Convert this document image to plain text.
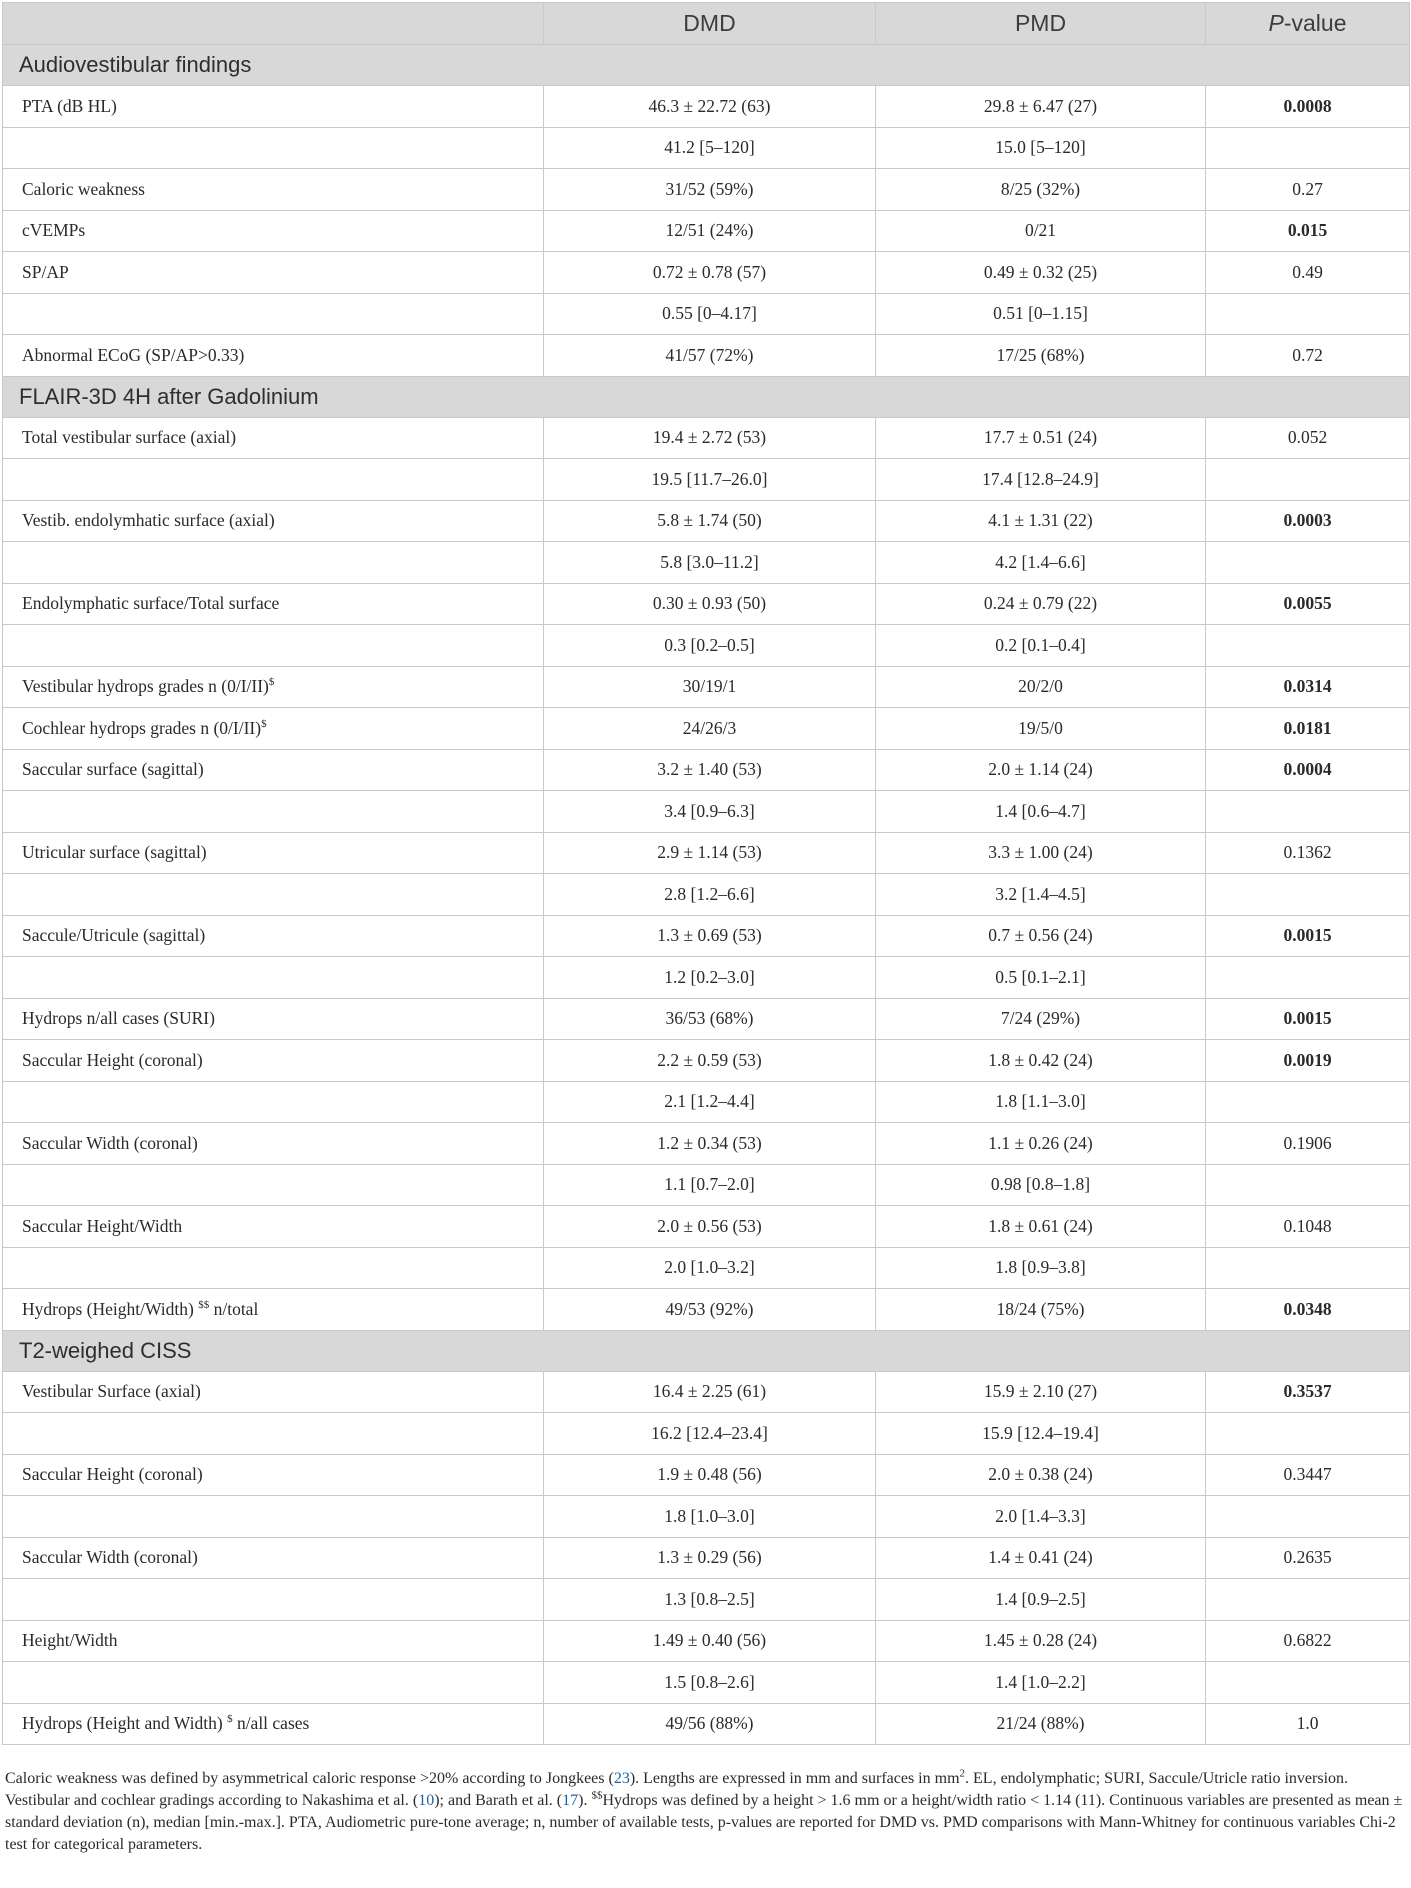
	DMD	PMD	P-value
Audiovestibular findings			
PTA (dB HL)	46.3 ± 22.72 (63)	29.8 ± 6.47 (27)	0.0008
	41.2 [5–120]	15.0 [5–120]	
Caloric weakness	31/52 (59%)	8/25 (32%)	0.27
cVEMPs	12/51 (24%)	0/21	0.015
SP/AP	0.72 ± 0.78 (57)	0.49 ± 0.32 (25)	0.49
	0.55 [0–4.17]	0.51 [0–1.15]	
Abnormal ECoG (SP/AP>0.33)	41/57 (72%)	17/25 (68%)	0.72
FLAIR-3D 4H after Gadolinium			
Total vestibular surface (axial)	19.4 ± 2.72 (53)	17.7 ± 0.51 (24)	0.052
	19.5 [11.7–26.0]	17.4 [12.8–24.9]	
Vestib. endolymhatic surface (axial)	5.8 ± 1.74 (50)	4.1 ± 1.31 (22)	0.0003
	5.8 [3.0–11.2]	4.2 [1.4–6.6]	
Endolymphatic surface/Total surface	0.30 ± 0.93 (50)	0.24 ± 0.79 (22)	0.0055
	0.3 [0.2–0.5]	0.2 [0.1–0.4]	
Vestibular hydrops grades n (0/I/II)$	30/19/1	20/2/0	0.0314
Cochlear hydrops grades n (0/I/II)$	24/26/3	19/5/0	0.0181
Saccular surface (sagittal)	3.2 ± 1.40 (53)	2.0 ± 1.14 (24)	0.0004
	3.4 [0.9–6.3]	1.4 [0.6–4.7]	
Utricular surface (sagittal)	2.9 ± 1.14 (53)	3.3 ± 1.00 (24)	0.1362
	2.8 [1.2–6.6]	3.2 [1.4–4.5]	
Saccule/Utricule (sagittal)	1.3 ± 0.69 (53)	0.7 ± 0.56 (24)	0.0015
	1.2 [0.2–3.0]	0.5 [0.1–2.1]	
Hydrops n/all cases (SURI)	36/53 (68%)	7/24 (29%)	0.0015
Saccular Height (coronal)	2.2 ± 0.59 (53)	1.8 ± 0.42 (24)	0.0019
	2.1 [1.2–4.4]	1.8 [1.1–3.0]	
Saccular Width (coronal)	1.2 ± 0.34 (53)	1.1 ± 0.26 (24)	0.1906
	1.1 [0.7–2.0]	0.98 [0.8–1.8]	
Saccular Height/Width	2.0 ± 0.56 (53)	1.8 ± 0.61 (24)	0.1048
	2.0 [1.0–3.2]	1.8 [0.9–3.8]	
Hydrops (Height/Width) $$ n/total	49/53 (92%)	18/24 (75%)	0.0348
T2-weighed CISS			
Vestibular Surface (axial)	16.4 ± 2.25 (61)	15.9 ± 2.10 (27)	0.3537
	16.2 [12.4–23.4]	15.9 [12.4–19.4]	
Saccular Height (coronal)	1.9 ± 0.48 (56)	2.0 ± 0.38 (24)	0.3447
	1.8 [1.0–3.0]	2.0 [1.4–3.3]	
Saccular Width (coronal)	1.3 ± 0.29 (56)	1.4 ± 0.41 (24)	0.2635
	1.3 [0.8–2.5]	1.4 [0.9–2.5]	
Height/Width	1.49 ± 0.40 (56)	1.45 ± 0.28 (24)	0.6822
	1.5 [0.8–2.6]	1.4 [1.0–2.2]	
Hydrops (Height and Width) $ n/all cases	49/56 (88%)	21/24 (88%)	1.0

Caloric weakness was defined by asymmetrical caloric response >20% according to Jongkees (23). Lengths are expressed in mm and surfaces in $mm^2$. EL, endolymphatic; SURI, Saccule/Utricle ratio inversion.

Vestibular and cochlear gradings according to Nakashima et al. (10); and Barath et al. (17). $$Hydrops was defined by a height > 1.6 mm or a height/width ratio < 1.14 (11). Continuous variables are presented as mean ± standard deviation (n), median [min.-max.]. PTA, Audiometric pure-tone average; n, number of available tests, p-values are reported for DMD vs. PMD comparisons with Mann-Whitney for continuous variables Chi-2 test for categorical parameters.
